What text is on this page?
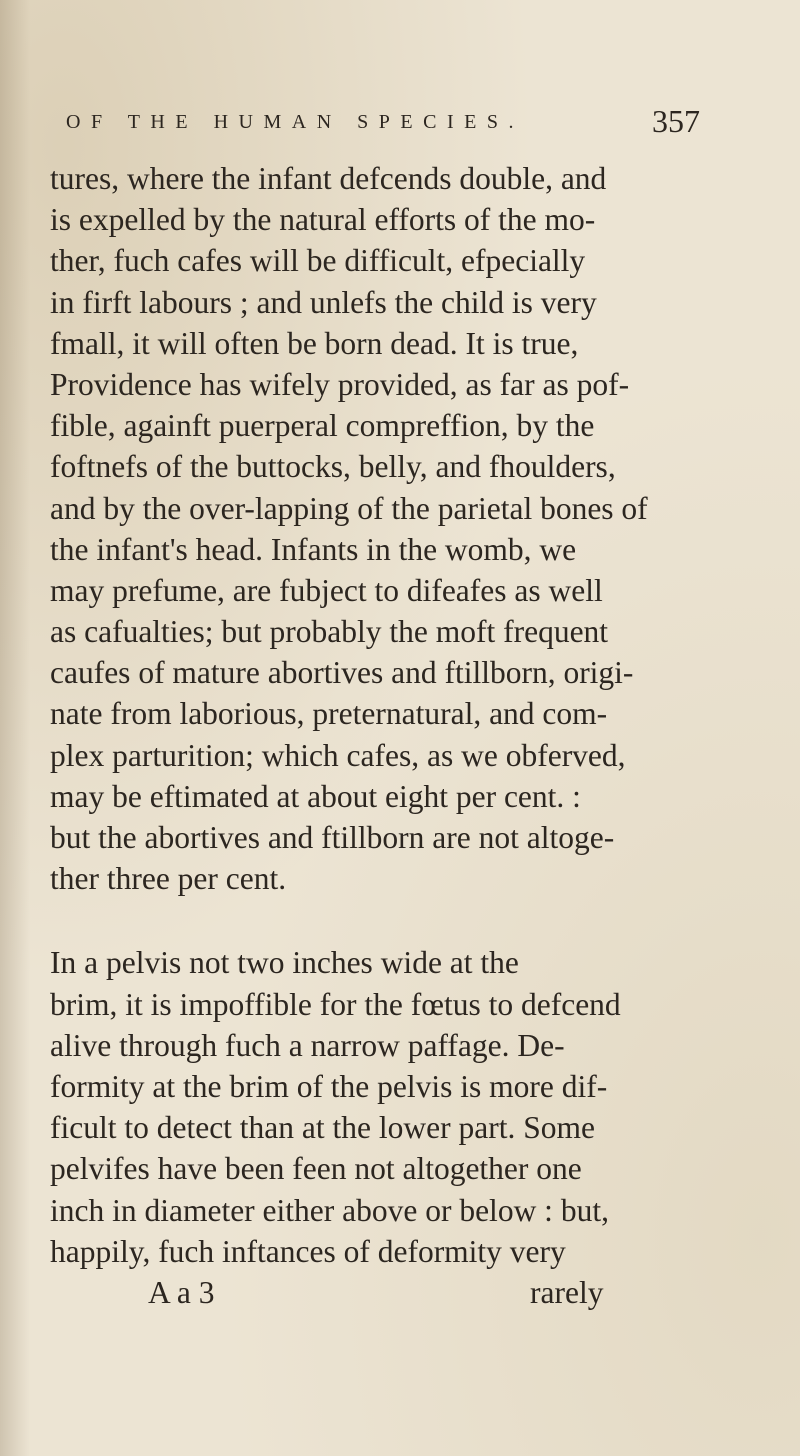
OF THE HUMAN SPECIES.	357

tures, where the infant defcends double, and

is expelled by the natural efforts of the mo-

ther, fuch cafes will be difficult, efpecially

in firft labours ; and unlefs the child is very

fmall, it will often be born dead. It is true,

Providence has wifely provided, as far as pof-

fible, againft puerperal compreffion, by the

foftnefs of the buttocks, belly, and fhoulders,

and by the over-lapping of the parietal bones of

the infant's head. Infants in the womb, we

may prefume, are fubject to difeafes as well

as cafualties; but probably the moft frequent

caufes of mature abortives and ftillborn, origi-

nate from laborious, preternatural, and com-

plex parturition; which cafes, as we obferved,

may be eftimated at about eight per cent. :

but the abortives and ftillborn are not altoge-

ther three per cent.

In a pelvis not two inches wide at the

brim, it is impoffible for the fœtus to defcend

alive through fuch a narrow paffage. De-

formity at the brim of the pelvis is more dif-

ficult to detect than at the lower part. Some

pelvifes have been feen not altogether one

inch in diameter either above or below : but,

happily, fuch inftances of deformity very

A a 3	rarely
